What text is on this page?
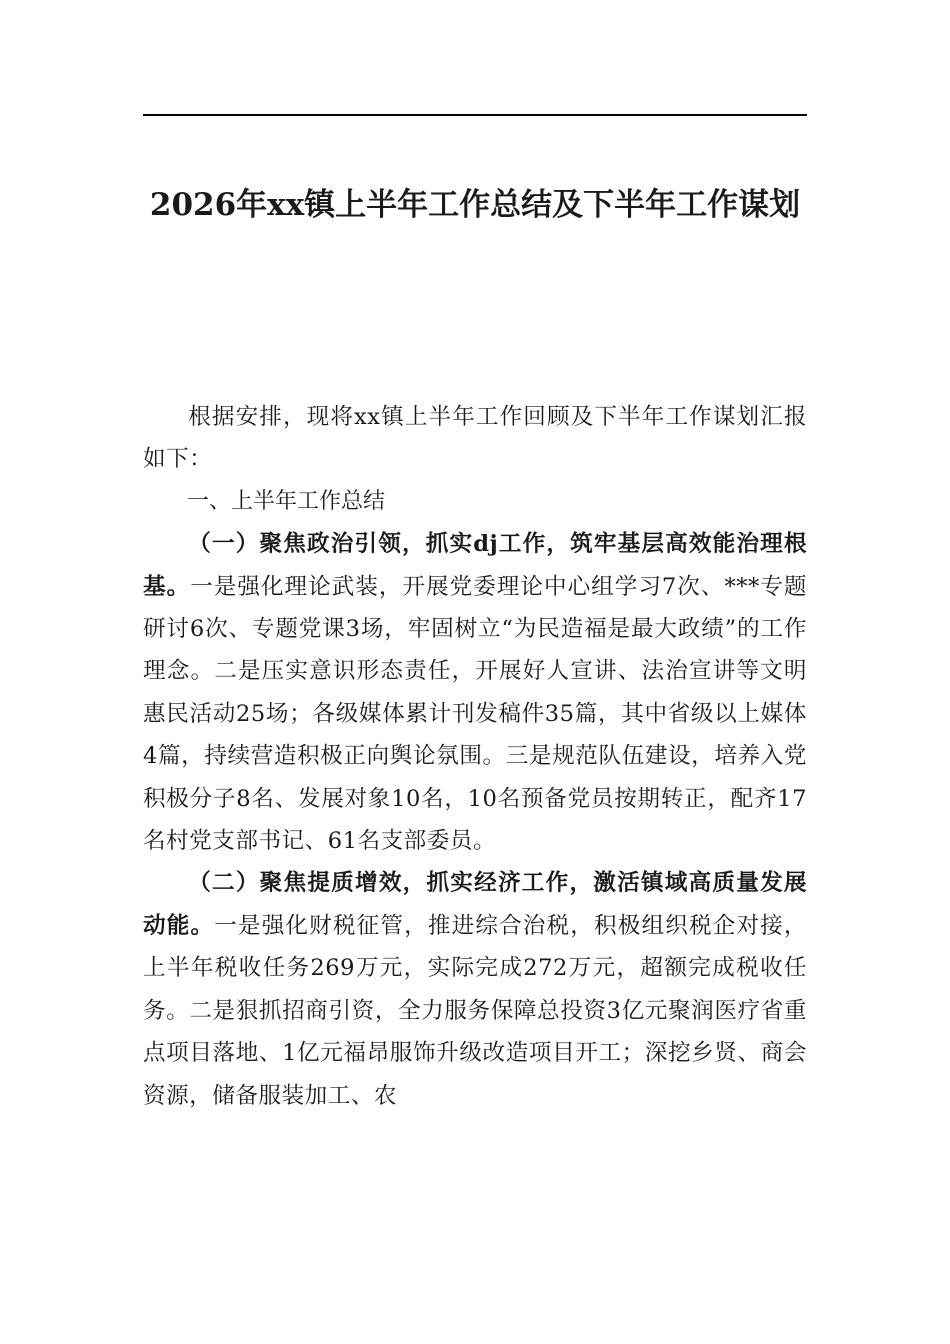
2026年xx镇上半年工作总结及下半年工作谋划

根据安排，现将xx镇上半年工作回顾及下半年工作谋划汇报如下：

一、上半年工作总结

（一）聚焦政治引领，抓实dj工作，筑牢基层高效能治理根基。一是强化理论武装，开展党委理论中心组学习7次、***专题研讨6次、专题党课3场，牢固树立“为民造福是最大政绩”的工作理念。二是压实意识形态责任，开展好人宣讲、法治宣讲等文明惠民活动25场；各级媒体累计刊发稿件35篇，其中省级以上媒体4篇，持续营造积极正向舆论氛围。三是规范队伍建设，培养入党积极分子8名、发展对象10名，10名预备党员按期转正，配齐17名村党支部书记、61名支部委员。

（二）聚焦提质增效，抓实经济工作，激活镇域高质量发展动能。一是强化财税征管，推进综合治税，积极组织税企对接，上半年税收任务269万元，实际完成272万元，超额完成税收任务。二是狠抓招商引资，全力服务保障总投资3亿元聚润医疗省重点项目落地、1亿元福昂服饰升级改造项目开工；深挖乡贤、商会资源，储备服装加工、农
